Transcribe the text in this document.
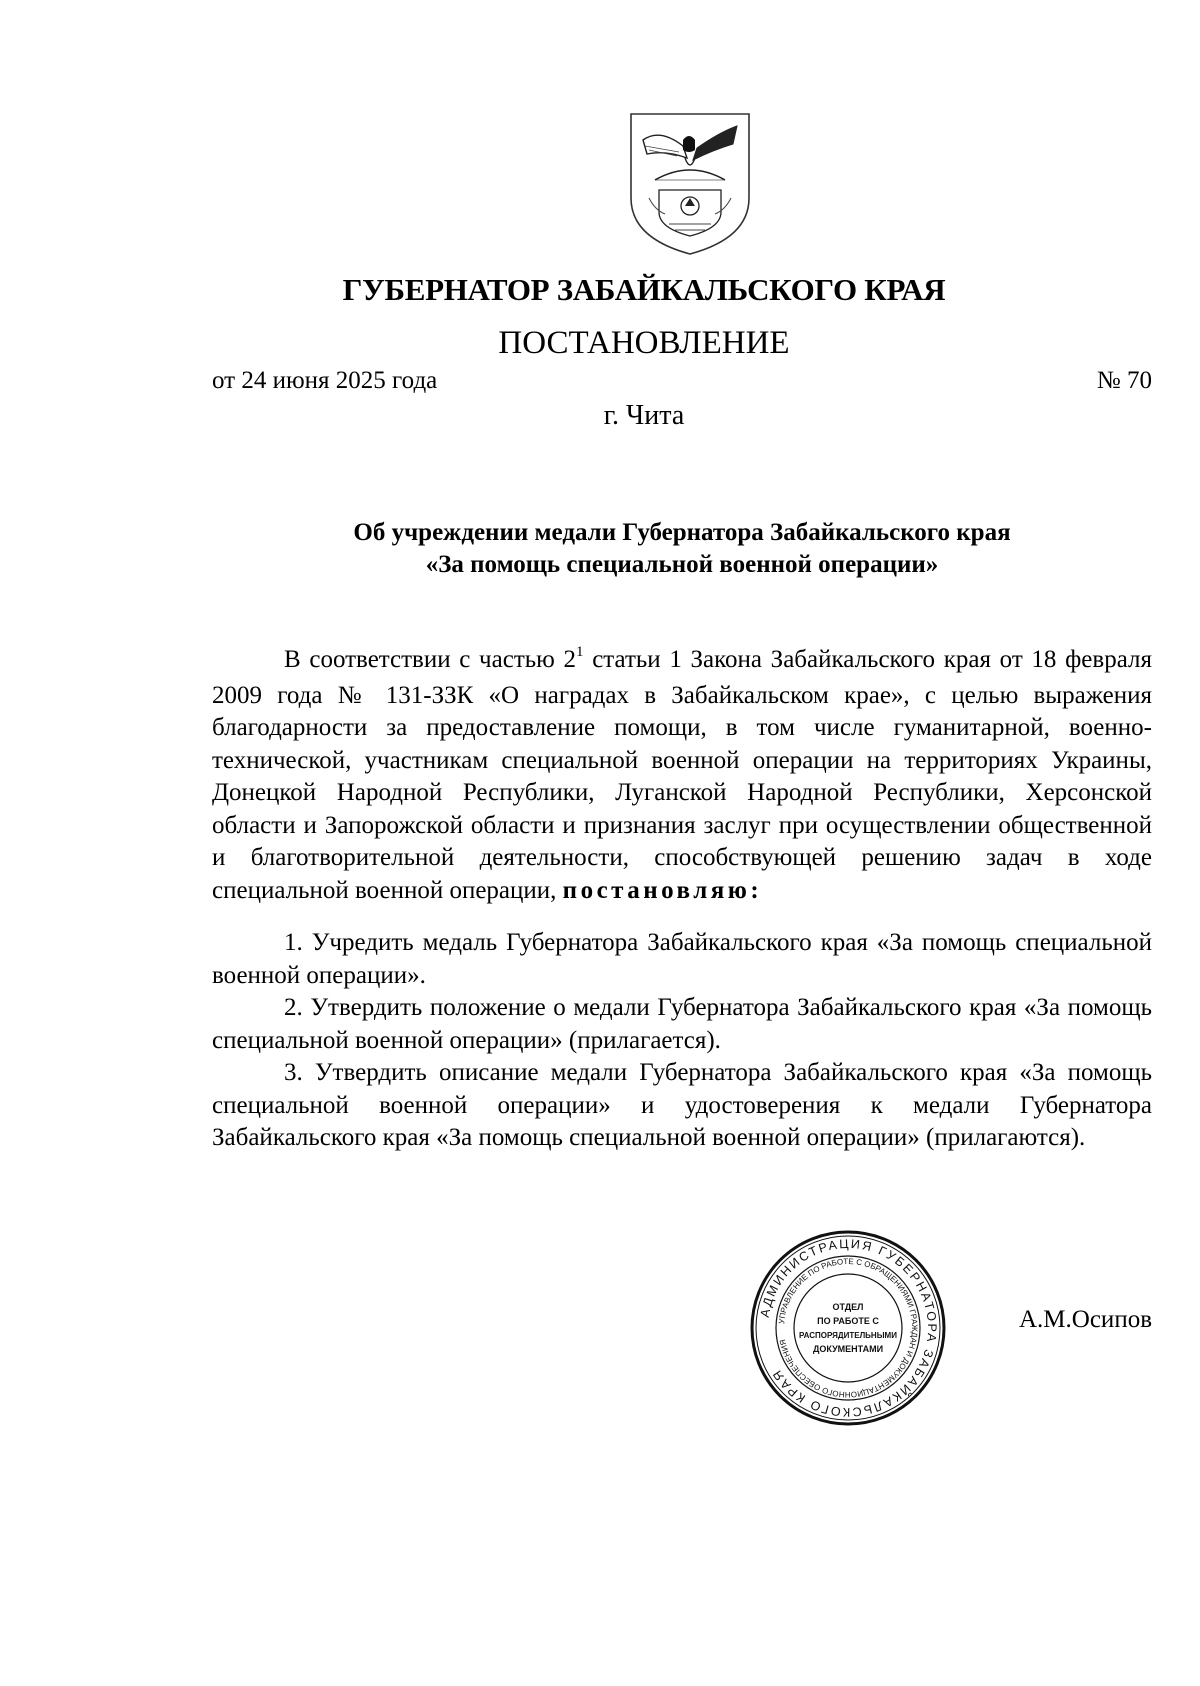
ГУБЕРНАТОР ЗАБАЙКАЛЬСКОГО КРАЯ
ПОСТАНОВЛЕНИЕ
от 24 июня 2025 года	№ 70
г. Чита
Об учреждении медали Губернатора Забайкальского края
«За помощь специальной военной операции»

В соответствии с частью $2^1$ статьи 1 Закона Забайкальского края от 18 февраля 2009 года № 131-ЗЗК «О наградах в Забайкальском крае», с целью выражения благодарности за предоставление помощи, в том числе гуманитарной, военно-технической, участникам специальной военной операции на территориях Украины, Донецкой Народной Республики, Луганской Народной Республики, Херсонской области и Запорожской области и признания заслуг при осуществлении общественной и благотворительной деятельности, способствующей решению задач в ходе специальной военной операции, постановляю:

1. Учредить медаль Губернатора Забайкальского края «За помощь специальной военной операции».

2. Утвердить положение о медали Губернатора Забайкальского края «За помощь специальной военной операции» (прилагается).

3. Утвердить описание медали Губернатора Забайкальского края «За помощь специальной военной операции» и удостоверения к медали Губернатора Забайкальского края «За помощь специальной военной операции» (прилагаются).

АДМИНИСТРАЦИЯ ГУБЕРНАТОРА ЗАБАЙКАЛЬСКОГО КРАЯ
УПРАВЛЕНИЕ ПО РАБОТЕ С ОБРАЩЕНИЯМИ ГРАЖДАН И ДОКУМЕНТАЦИОННОГО ОБЕСПЕЧЕНИЯ
ОТДЕЛ
ПО РАБОТЕ С
РАСПОРЯДИТЕЛЬНЫМИ
ДОКУМЕНТАМИ
А.М.Осипов
